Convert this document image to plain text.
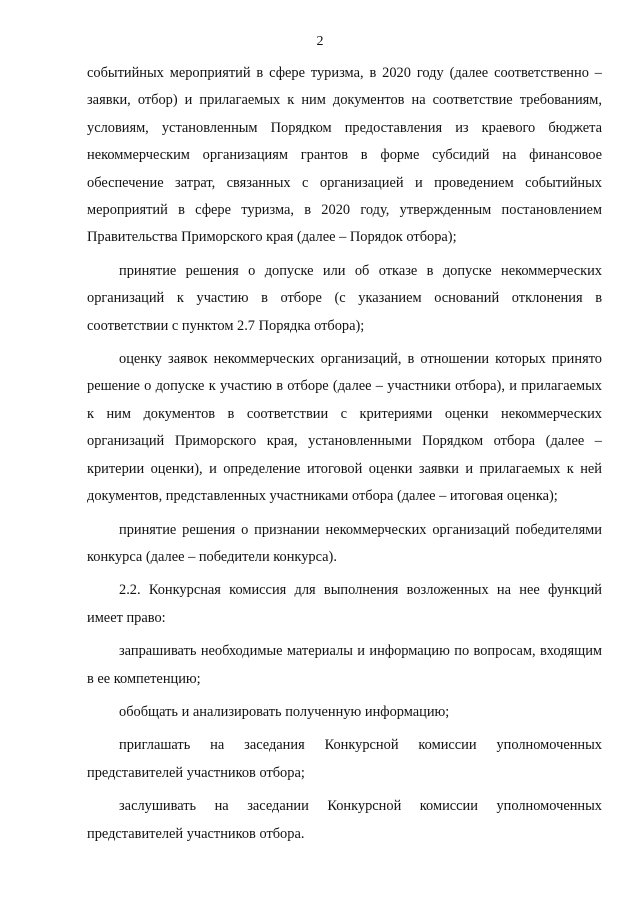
2

событийных мероприятий в сфере туризма, в 2020 году (далее соответственно – заявки, отбор) и прилагаемых к ним документов на соответствие требованиям, условиям, установленным Порядком предоставления из краевого бюджета некоммерческим организациям грантов в форме субсидий на финансовое обеспечение затрат, связанных с организацией и проведением событийных мероприятий в сфере туризма, в 2020 году, утвержденным постановлением Правительства Приморского края (далее – Порядок отбора);

принятие решения о допуске или об отказе в допуске некоммерческих организаций к участию в отборе (с указанием оснований отклонения в соответствии с пунктом 2.7 Порядка отбора);

оценку заявок некоммерческих организаций, в отношении которых принято решение о допуске к участию в отборе (далее – участники отбора), и прилагаемых к ним документов в соответствии с критериями оценки некоммерческих организаций Приморского края, установленными Порядком отбора (далее – критерии оценки), и определение итоговой оценки заявки и прилагаемых к ней документов, представленных участниками отбора (далее – итоговая оценка);

принятие решения о признании некоммерческих организаций победителями конкурса (далее – победители конкурса).

2.2. Конкурсная комиссия для выполнения возложенных на нее функций имеет право:

запрашивать необходимые материалы и информацию по вопросам, входящим в ее компетенцию;

обобщать и анализировать полученную информацию;

приглашать на заседания Конкурсной комиссии уполномоченных представителей участников отбора;

заслушивать на заседании Конкурсной комиссии уполномоченных представителей участников отбора.
